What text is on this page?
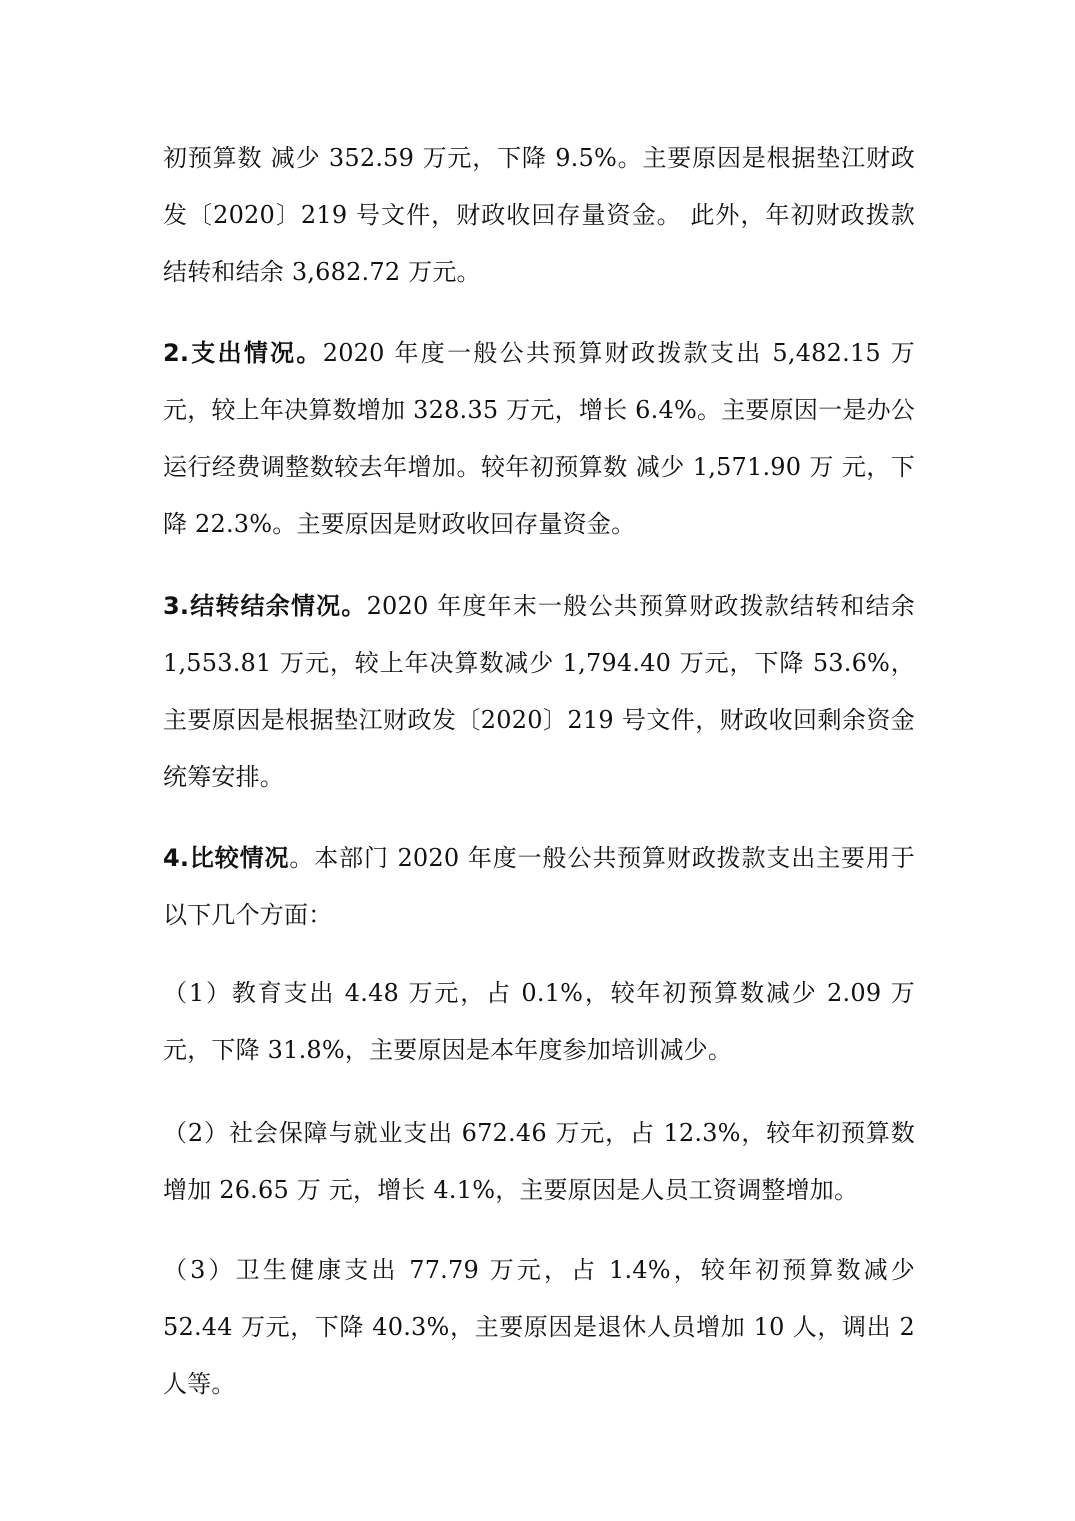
初预算数 减少 352.59 万元，下降 9.5%。主要原因是根据垫江财政发〔2020〕219 号文件，财政收回存量资金。 此外，年初财政拨款结转和结余 3,682.72 万元。

2.支出情况。2020 年度一般公共预算财政拨款支出 5,482.15 万元，较上年决算数增加 328.35 万元，增长 6.4%。主要原因一是办公运行经费调整数较去年增加。较年初预算数 减少 1,571.90 万 元，下降 22.3%。主要原因是财政收回存量资金。

3.结转结余情况。2020 年度年末一般公共预算财政拨款结转和结余 1,553.81 万元，较上年决算数减少 1,794.40 万元，下降 53.6%，主要原因是根据垫江财政发〔2020〕219 号文件，财政收回剩余资金统筹安排。

4.比较情况。本部门 2020 年度一般公共预算财政拨款支出主要用于以下几个方面：

（1）教育支出 4.48 万元，占 0.1%，较年初预算数减少 2.09 万 元，下降 31.8%，主要原因是本年度参加培训减少。

（2）社会保障与就业支出 672.46 万元，占 12.3%，较年初预算数增加 26.65 万 元，增长 4.1%，主要原因是人员工资调整增加。

（3）卫生健康支出 77.79 万元，占 1.4%，较年初预算数减少 52.44 万元，下降 40.3%，主要原因是退休人员增加 10 人，调出 2 人等。
